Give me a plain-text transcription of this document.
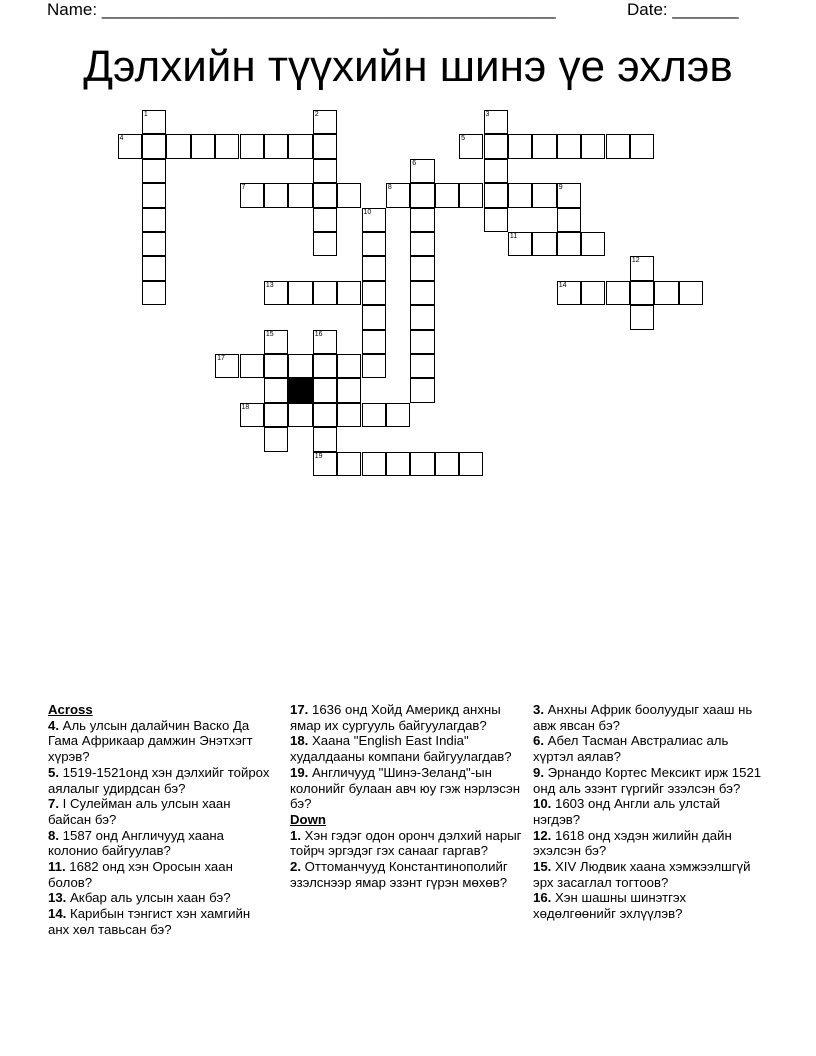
Name: ________________________________________________	Date: _______
Дэлхийн түүхийн шинэ үе эхлэв
1	2	3
4	5
6
7	8	9
10
11
12
13	14
15	16
19
17
18
Across
4. Аль улсын далайчин Васко Да Гама Африкаар дамжин Энэтхэгт хүрэв?
5. 1519-1521онд хэн дэлхийг тойрох аялалыг удирдсан бэ?
7. I Сулейман аль улсын хаан байсан бэ?
8. 1587 онд Англичууд хаана колонио байгуулав?
11. 1682 онд хэн Оросын хаан болов?
13. Акбар аль улсын хаан бэ?
14. Карибын тэнгист хэн хамгийн анх хөл тавьсан бэ?
17. 1636 онд Хойд Америкд анхны ямар их сургууль байгуулагдав?
18. Хаана "English East India" худалдааны компани байгуулагдав?
19. Англичууд "Шинэ-Зеланд"-ын колонийг булаан авч юу гэж нэрлэсэн бэ?
Down
1. Хэн гэдэг одон оронч дэлхий нарыг тойрч эргэдэг гэх санааг гаргав?
2. Оттоманчууд Константинополийг эзэлснээр ямар эзэнт гүрэн мөхөв?
3. Анхны Африк боолуудыг хааш нь авж явсан бэ?
6. Абел Тасман Австралиас аль хүртэл аялав?
9. Эрнандо Кортес Мексикт ирж 1521 онд аль эзэнт гүргийг эзэлсэн бэ?
10. 1603 онд Англи аль улстай нэгдэв?
12. 1618 онд хэдэн жилийн дайн эхэлсэн бэ?
15. XIV Людвик хаана хэмжээлшгүй эрх засаглал тогтоов?
16. Хэн шашны шинэтгэх хөдөлгөөнийг эхлүүлэв?
